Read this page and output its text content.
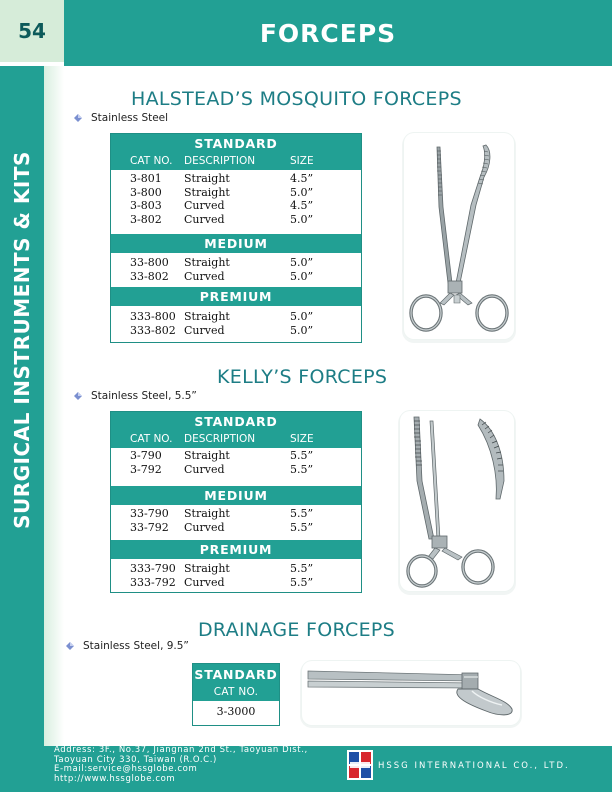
54	FORCEPS
SURGICAL INSTRUMENTS & KITS
HALSTEAD’S MOSQUITO FORCEPS
Stainless Steel
STANDARD
CAT NO.	DESCRIPTION	SIZE
3-801	Straight	4.5”
3-800	Straight	5.0”
3-803	Curved	4.5”
3-802	Curved	5.0”
MEDIUM
33-800	Straight	5.0”
33-802	Curved	5.0”
PREMIUM
333-800 Straight	5.0”
333-802 Curved	5.0”
KELLY’S FORCEPS
Stainless Steel, 5.5”
STANDARD
CAT NO.	DESCRIPTION	SIZE
3-790	Straight	5.5”
3-792	Curved	5.5”
MEDIUM
33-790	Straight	5.5”
33-792	Curved	5.5”
PREMIUM
333-790 Straight	5.5”
333-792 Curved	5.5”
DRAINAGE FORCEPS
Stainless Steel, 9.5”
STANDARD
CAT NO.
3-3000
Address: 3F., No.37, Jiangnan 2nd St., Taoyuan Dist.,
Taoyuan City 330, Taiwan (R.O.C.)
E-mail:service@hssglobe.com
http://www.hssglobe.com
HSSG INTERNATIONAL CO., LTD.
